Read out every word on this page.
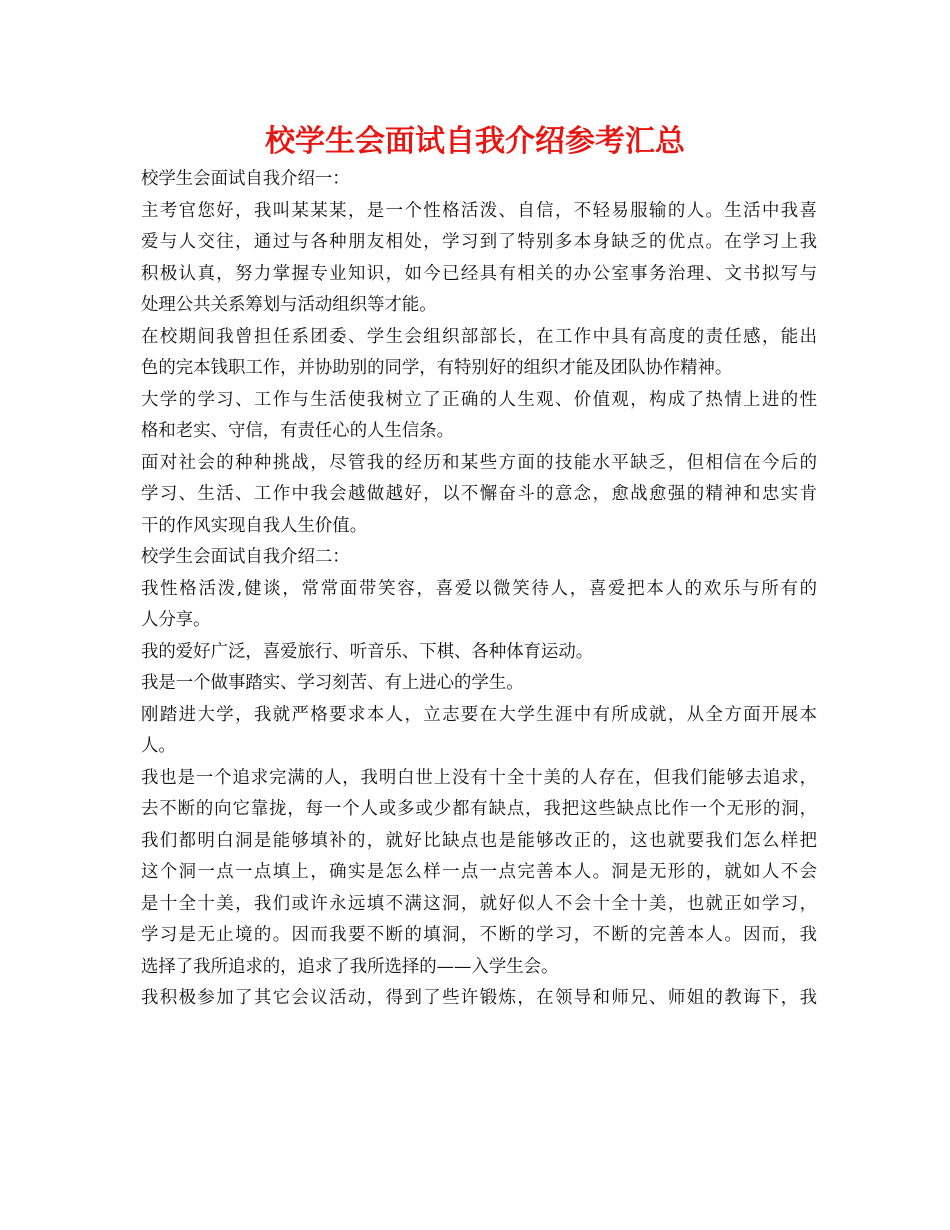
校学生会面试自我介绍参考汇总
校学生会面试自我介绍一：
主考官您好，我叫某某某，是一个性格活泼、自信，不轻易服输的人。生活中我喜
爱与人交往，通过与各种朋友相处，学习到了特别多本身缺乏的优点。在学习上我
积极认真，努力掌握专业知识，如今已经具有相关的办公室事务治理、文书拟写与
处理公共关系筹划与活动组织等才能。
在校期间我曾担任系团委、学生会组织部部长，在工作中具有高度的责任感，能出
色的完本钱职工作，并协助别的同学，有特别好的组织才能及团队协作精神。
大学的学习、工作与生活使我树立了正确的人生观、价值观，构成了热情上进的性
格和老实、守信，有责任心的人生信条。
面对社会的种种挑战，尽管我的经历和某些方面的技能水平缺乏，但相信在今后的
学习、生活、工作中我会越做越好，以不懈奋斗的意念，愈战愈强的精神和忠实肯
干的作风实现自我人生价值。
校学生会面试自我介绍二：
我性格活泼,健谈，常常面带笑容，喜爱以微笑待人，喜爱把本人的欢乐与所有的
人分享。
我的爱好广泛，喜爱旅行、听音乐、下棋、各种体育运动。
我是一个做事踏实、学习刻苦、有上进心的学生。
刚踏进大学，我就严格要求本人，立志要在大学生涯中有所成就，从全方面开展本
人。
我也是一个追求完满的人，我明白世上没有十全十美的人存在，但我们能够去追求，
去不断的向它靠拢，每一个人或多或少都有缺点，我把这些缺点比作一个无形的洞，
我们都明白洞是能够填补的，就好比缺点也是能够改正的，这也就要我们怎么样把
这个洞一点一点填上，确实是怎么样一点一点完善本人。洞是无形的，就如人不会
是十全十美，我们或许永远填不满这洞，就好似人不会十全十美，也就正如学习，
学习是无止境的。因而我要不断的填洞，不断的学习，不断的完善本人。因而，我
选择了我所追求的，追求了我所选择的——入学生会。
我积极参加了其它会议活动，得到了些许锻炼，在领导和师兄、师姐的教诲下，我
